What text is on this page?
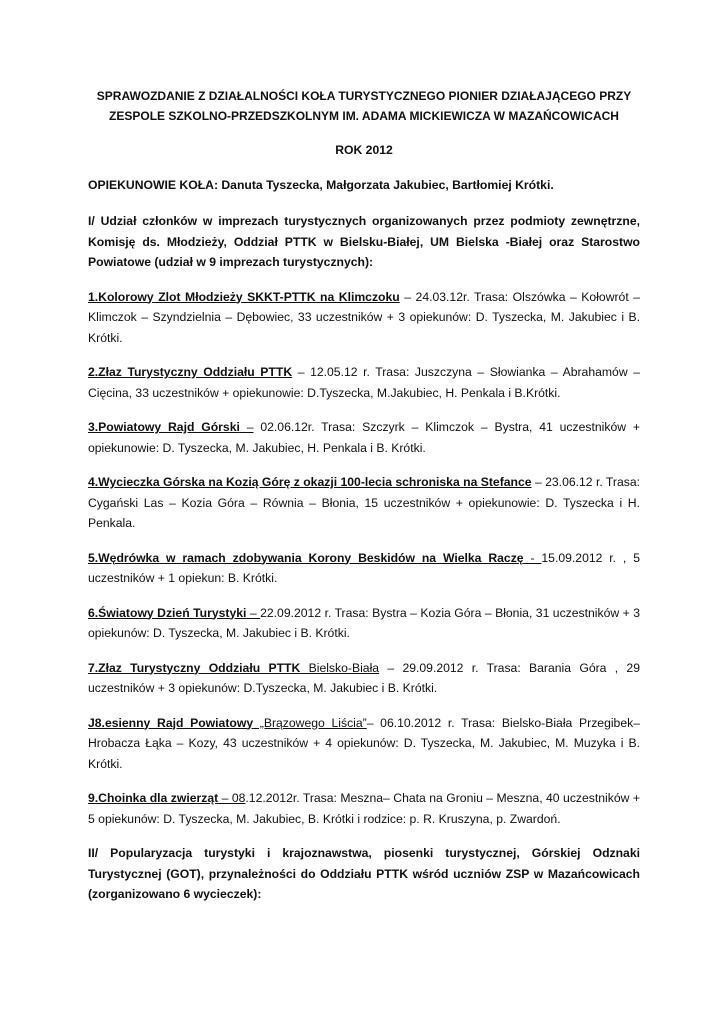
SPRAWOZDANIE Z DZIAŁALNOŚCI KOŁA TURYSTYCZNEGO PIONIER DZIAŁAJĄCEGO PRZY
ZESPOLE SZKOLNO-PRZEDSZKOLNYM IM. ADAMA MICKIEWICZA W MAZAŃCOWICACH
ROK 2012
OPIEKUNOWIE KOŁA: Danuta Tyszecka, Małgorzata Jakubiec, Bartłomiej Krótki.
I/ Udział członków w imprezach turystycznych organizowanych przez podmioty zewnętrzne, Komisję ds. Młodzieży, Oddział PTTK w Bielsku-Białej, UM Bielska -Białej oraz Starostwo Powiatowe (udział w 9 imprezach turystycznych):
1.Kolorowy Zlot Młodzieży SKKT-PTTK na Klimczoku – 24.03.12r. Trasa: Olszówka – Kołowrót – Klimczok – Szyndzielnia – Dębowiec, 33 uczestników + 3 opiekunów: D. Tyszecka, M. Jakubiec i B. Krótki.
2.Złaz Turystyczny Oddziału PTTK – 12.05.12 r. Trasa: Juszczyna – Słowianka – Abrahamów – Cięcina, 33 uczestników + opiekunowie: D.Tyszecka, M.Jakubiec, H. Penkala i B.Krótki.
3.Powiatowy Rajd Górski – 02.06.12r. Trasa: Szczyrk – Klimczok – Bystra, 41 uczestników + opiekunowie: D. Tyszecka, M. Jakubiec, H. Penkala i B. Krótki.
4.Wycieczka Górska na Kozią Górę z okazji 100-lecia schroniska na Stefance – 23.06.12 r. Trasa: Cygański Las – Kozia Góra – Równia – Błonia, 15 uczestników + opiekunowie: D. Tyszecka i H. Penkala.
5.Wędrówka w ramach zdobywania Korony Beskidów na Wielka Raczę - 15.09.2012 r. , 5 uczestników + 1 opiekun: B. Krótki.
6.Światowy Dzień Turystyki – 22.09.2012 r. Trasa: Bystra – Kozia Góra – Błonia, 31 uczestników + 3 opiekunów: D. Tyszecka, M. Jakubiec i B. Krótki.
7.Złaz Turystyczny Oddziału PTTK Bielsko-Biała – 29.09.2012 r. Trasa: Barania Góra , 29 uczestników + 3 opiekunów: D.Tyszecka, M. Jakubiec i B. Krótki.
J8.esienny Rajd Powiatowy „Brązowego Liścia”– 06.10.2012 r. Trasa: Bielsko-Biała Przegibek– Hrobacza Łąka – Kozy, 43 uczestników + 4 opiekunów: D. Tyszecka, M. Jakubiec, M. Muzyka i B. Krótki.
9.Choinka dla zwierząt – 08.12.2012r. Trasa: Meszna– Chata na Groniu – Meszna, 40 uczestników + 5 opiekunów: D. Tyszecka, M. Jakubiec, B. Krótki i rodzice: p. R. Kruszyna, p. Zwardoń.
II/ Popularyzacja turystyki i krajoznawstwa, piosenki turystycznej, Górskiej Odznaki Turystycznej (GOT), przynależności do Oddziału PTTK wśród uczniów ZSP w Mazańcowicach (zorganizowano 6 wycieczek):
